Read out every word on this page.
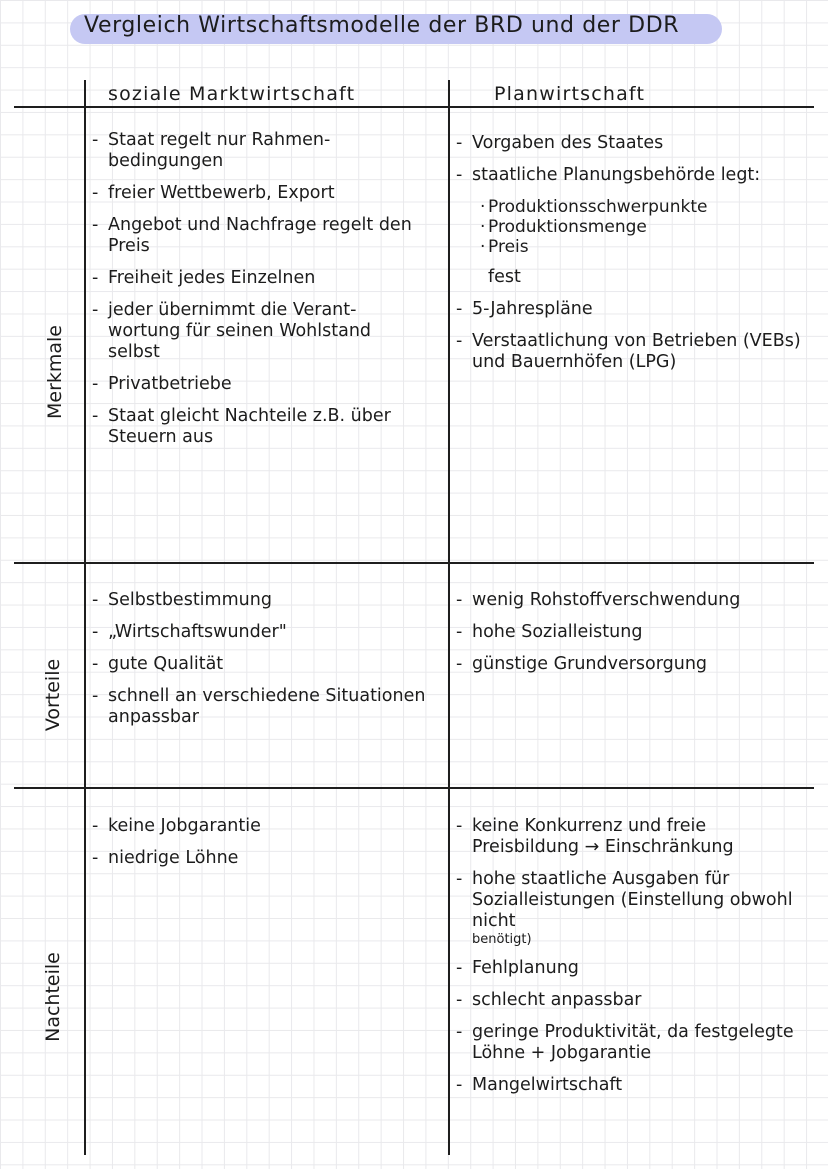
Vergleich Wirtschaftsmodelle der BRD und der DDR
soziale Marktwirtschaft	Planwirtschaft
Merkmale
Vorteile
Nachteile
- Staat regelt nur Rahmen-bedingungen
- freier Wettbewerb, Export
- Angebot und Nachfrage regelt den Preis
- Freiheit jedes Einzelnen
- jeder übernimmt die Verant-wortung für seinen Wohlstand selbst
- Privatbetriebe
- Staat gleicht Nachteile z.B. über Steuern aus
- Vorgaben des Staates
- staatliche Planungsbehörde legt:
· Produktionsschwerpunkte
· Produktionsmenge
· Preis
fest
- 5-Jahrespläne
- Verstaatlichung von Betrieben (VEBs) und Bauernhöfen (LPG)
- Selbstbestimmung
- „Wirtschaftswunder"
- gute Qualität
- schnell an verschiedene Situationen anpassbar
- wenig Rohstoffverschwendung
- hohe Sozialleistung
- günstige Grundversorgung
- keine Jobgarantie
- niedrige Löhne
- keine Konkurrenz und freie Preisbildung → Einschränkung
- hohe staatliche Ausgaben für Sozialleistungen (Einstellung obwohl nicht
benötigt)
- Fehlplanung
- schlecht anpassbar
- geringe Produktivität, da festgelegte Löhne + Jobgarantie
- Mangelwirtschaft
